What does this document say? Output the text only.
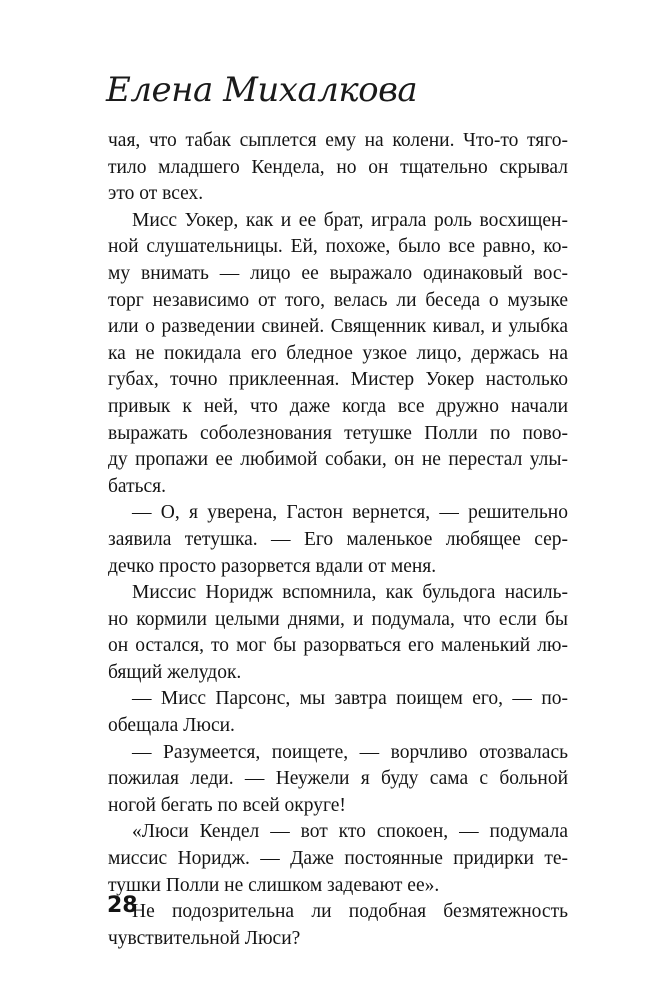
Елена Михалкова
чая, что табак сыплется ему на колени. Что-то тяго-
тило младшего Кендела, но он тщательно скрывал
это от всех.
Мисс Уокер, как и ее брат, играла роль восхищен-
ной слушательницы. Ей, похоже, было все равно, ко-
му внимать — лицо ее выражало одинаковый вос-
торг независимо от того, велась ли беседа о музыке
или о разведении свиней. Священник кивал, и улыбка
ка не покидала его бледное узкое лицо, держась на
губах, точно приклеенная. Мистер Уокер настолько
привык к ней, что даже когда все дружно начали
выражать соболезнования тетушке Полли по пово-
ду пропажи ее любимой собаки, он не перестал улы-
баться.
— О, я уверена, Гастон вернется, — решительно
заявила тетушка. — Его маленькое любящее сер-
дечко просто разорвется вдали от меня.
Миссис Норидж вспомнила, как бульдога насиль-
но кормили целыми днями, и подумала, что если бы
он остался, то мог бы разорваться его маленький лю-
бящий желудок.
— Мисс Парсонс, мы завтра поищем его, — по-
обещала Люси.
— Разумеется, поищете, — ворчливо отозвалась
пожилая леди. — Неужели я буду сама с больной
ногой бегать по всей округе!
«Люси Кендел — вот кто спокоен, — подумала
миссис Норидж. — Даже постоянные придирки те-
тушки Полли не слишком задевают ее».
Не подозрительна ли подобная безмятежность
чувствительной Люси?
28
